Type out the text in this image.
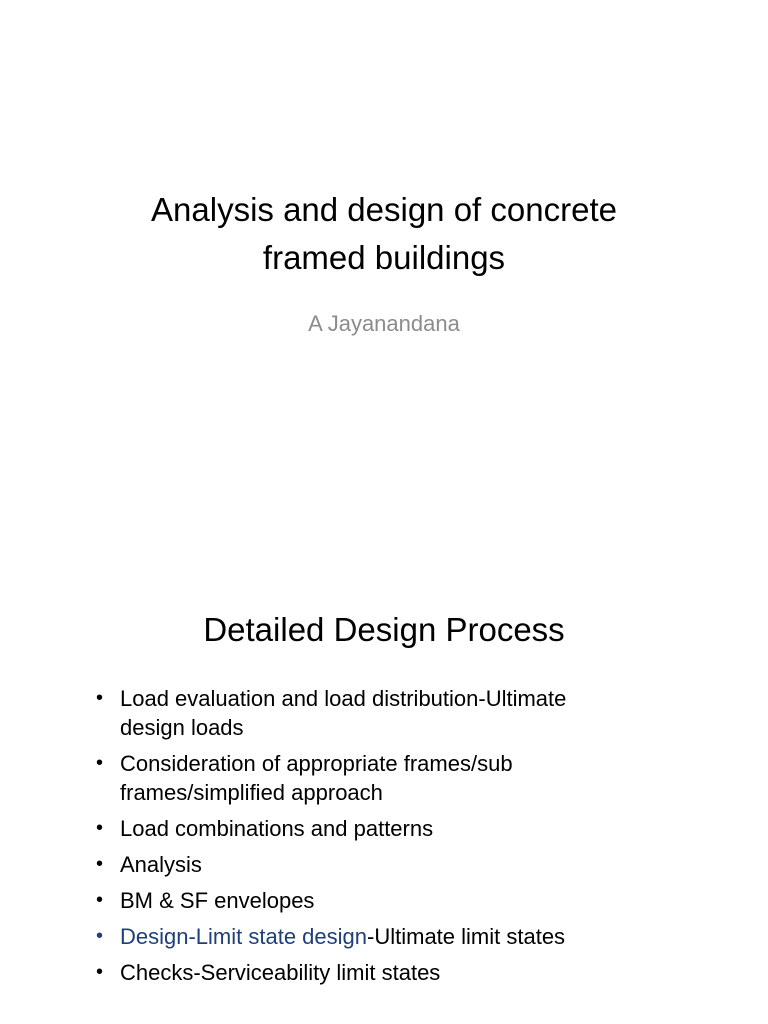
Analysis and design of concrete
framed buildings

A Jayanandana

Detailed Design Process
• Load evaluation and load distribution-Ultimate
design loads
• Consideration of appropriate frames/sub
frames/simplified approach
• Load combinations and patterns
• Analysis
• BM & SF envelopes
• Design-Limit state design-Ultimate limit states
• Checks-Serviceability limit states
